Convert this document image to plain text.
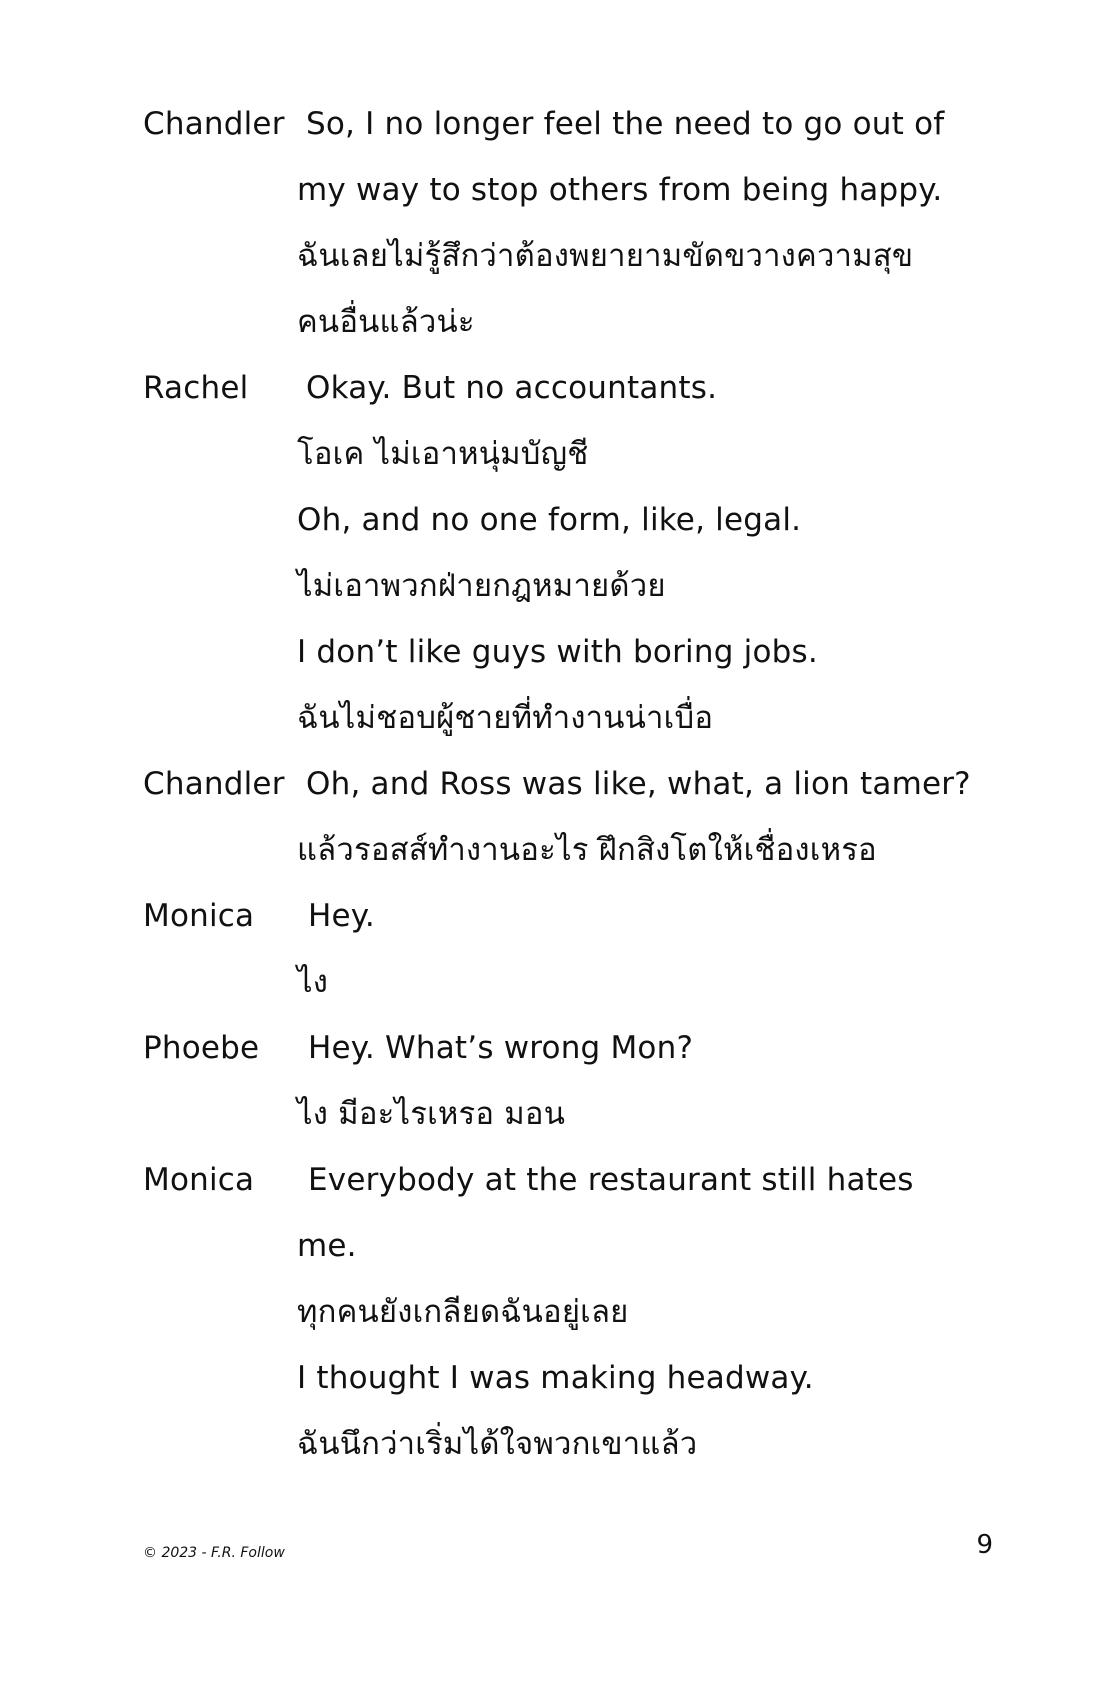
Chandler So, I no longer feel the need to go out of
my way to stop others from being happy.
ฉันเลยไม่รู้สึกว่าต้องพยายามขัดขวางความสุข
คนอื่นแล้วน่ะ
Rachel Okay. But no accountants.
โอเค ไม่เอาหนุ่มบัญชี
Oh, and no one form, like, legal.
ไม่เอาพวกฝ่ายกฎหมายด้วย
I don’t like guys with boring jobs.
ฉันไม่ชอบผู้ชายที่ทำงานน่าเบื่อ
Chandler Oh, and Ross was like, what, a lion tamer?
แล้วรอสส์ทำงานอะไร ฝึกสิงโตให้เชื่องเหรอ
Monica Hey.
ไง
Phoebe Hey. What’s wrong Mon?
ไง มีอะไรเหรอ มอน
Monica Everybody at the restaurant still hates
me.
ทุกคนยังเกลียดฉันอยู่เลย
I thought I was making headway.
ฉันนึกว่าเริ่มได้ใจพวกเขาแล้ว
© 2023 - F.R. Follow	9
